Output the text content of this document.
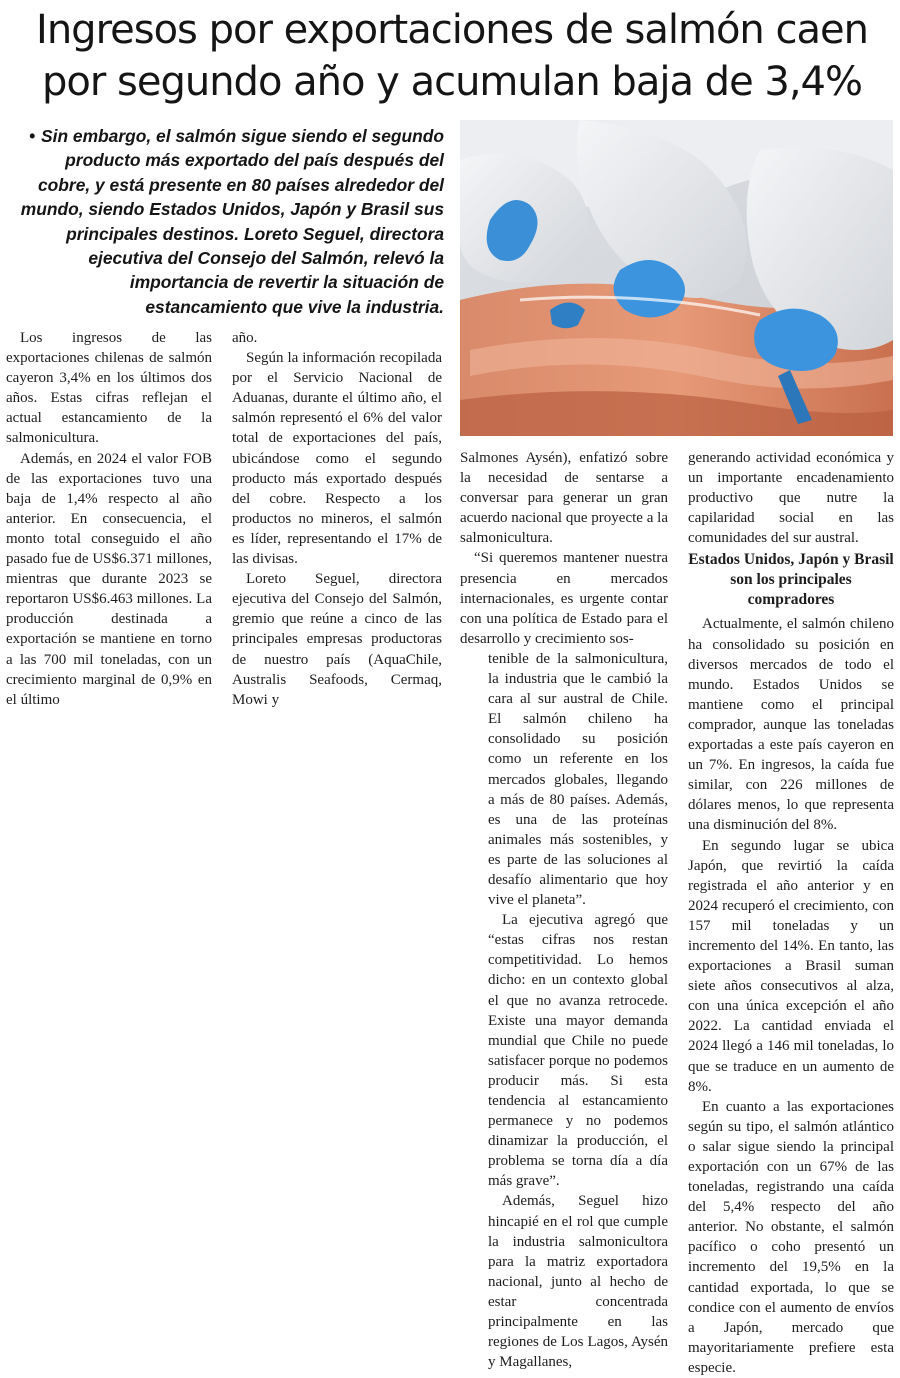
Ingresos por exportaciones de salmón caen por segundo año y acumulan baja de 3,4%
• Sin embargo, el salmón sigue siendo el segundo producto más exportado del país después del cobre, y está presente en 80 países alrededor del mundo, siendo Estados Unidos, Japón y Brasil sus principales destinos. Loreto Seguel, directora ejecutiva del Consejo del Salmón, relevó la importancia de revertir la situación de estancamiento que vive la industria.

Los ingresos de las exportaciones chilenas de salmón cayeron 3,4% en los últimos dos años. Estas cifras reflejan el actual estancamiento de la salmonicultura.

Además, en 2024 el valor FOB de las exportaciones tuvo una baja de 1,4% respecto al año anterior. En consecuencia, el monto total conseguido el año pasado fue de US$6.371 millones, mientras que durante 2023 se reportaron US$6.463 millones. La producción destinada a exportación se mantiene en torno a las 700 mil toneladas, con un crecimiento marginal de 0,9% en el último

año.

Según la información recopilada por el Servicio Nacional de Aduanas, durante el último año, el salmón representó el 6% del valor total de exportaciones del país, ubicándose como el segundo producto más exportado después del cobre. Respecto a los productos no mineros, el salmón es líder, representando el 17% de las divisas.

Loreto Seguel, directora ejecutiva del Consejo del Salmón, gremio que reúne a cinco de las principales empresas productoras de nuestro país (AquaChile, Australis Seafoods, Cermaq, Mowi y

Salmones Aysén), enfatizó sobre la necesidad de sentarse a conversar para generar un gran acuerdo nacional que proyecte a la salmonicultura.

“Si queremos mantener nuestra presencia en mercados internacionales, es urgente contar con una política de Estado para el desarrollo y crecimiento sos-

tenible de la salmonicultura, la industria que le cambió la cara al sur austral de Chile. El salmón chileno ha consolidado su posición como un referente en los mercados globales, llegando a más de 80 países. Además, es una de las proteínas animales más sostenibles, y es parte de las soluciones al desafío alimentario que hoy vive el planeta”.

La ejecutiva agregó que “estas cifras nos restan competitividad. Lo hemos dicho: en un contexto global el que no avanza retrocede. Existe una mayor demanda mundial que Chile no puede satisfacer porque no podemos producir más. Si esta tendencia al estancamiento permanece y no podemos dinamizar la producción, el problema se torna día a día más grave”.

Además, Seguel hizo hincapié en el rol que cumple la industria salmonicultora para la matriz exportadora nacional, junto al hecho de estar concentrada principalmente en las regiones de Los Lagos, Aysén y Magallanes,

generando actividad económica y un importante encadenamiento productivo que nutre la capilaridad social en las comunidades del sur austral.

Estados Unidos, Japón y Brasil son los principales compradores

Actualmente, el salmón chileno ha consolidado su posición en diversos mercados de todo el mundo. Estados Unidos se mantiene como el principal comprador, aunque las toneladas exportadas a este país cayeron en un 7%. En ingresos, la caída fue similar, con 226 millones de dólares menos, lo que representa una disminución del 8%.

En segundo lugar se ubica Japón, que revirtió la caída registrada el año anterior y en 2024 recuperó el crecimiento, con 157 mil toneladas y un incremento del 14%. En tanto, las exportaciones a Brasil suman siete años consecutivos al alza, con una única excepción el año 2022. La cantidad enviada el 2024 llegó a 146 mil toneladas, lo que se traduce en un aumento de 8%.

En cuanto a las exportaciones según su tipo, el salmón atlántico o salar sigue siendo la principal exportación con un 67% de las toneladas, registrando una caída del 5,4% respecto del año anterior. No obstante, el salmón pacífico o coho presentó un incremento del 19,5% en la cantidad exportada, lo que se condice con el aumento de envíos a Japón, mercado que mayoritariamente prefiere esta especie.
